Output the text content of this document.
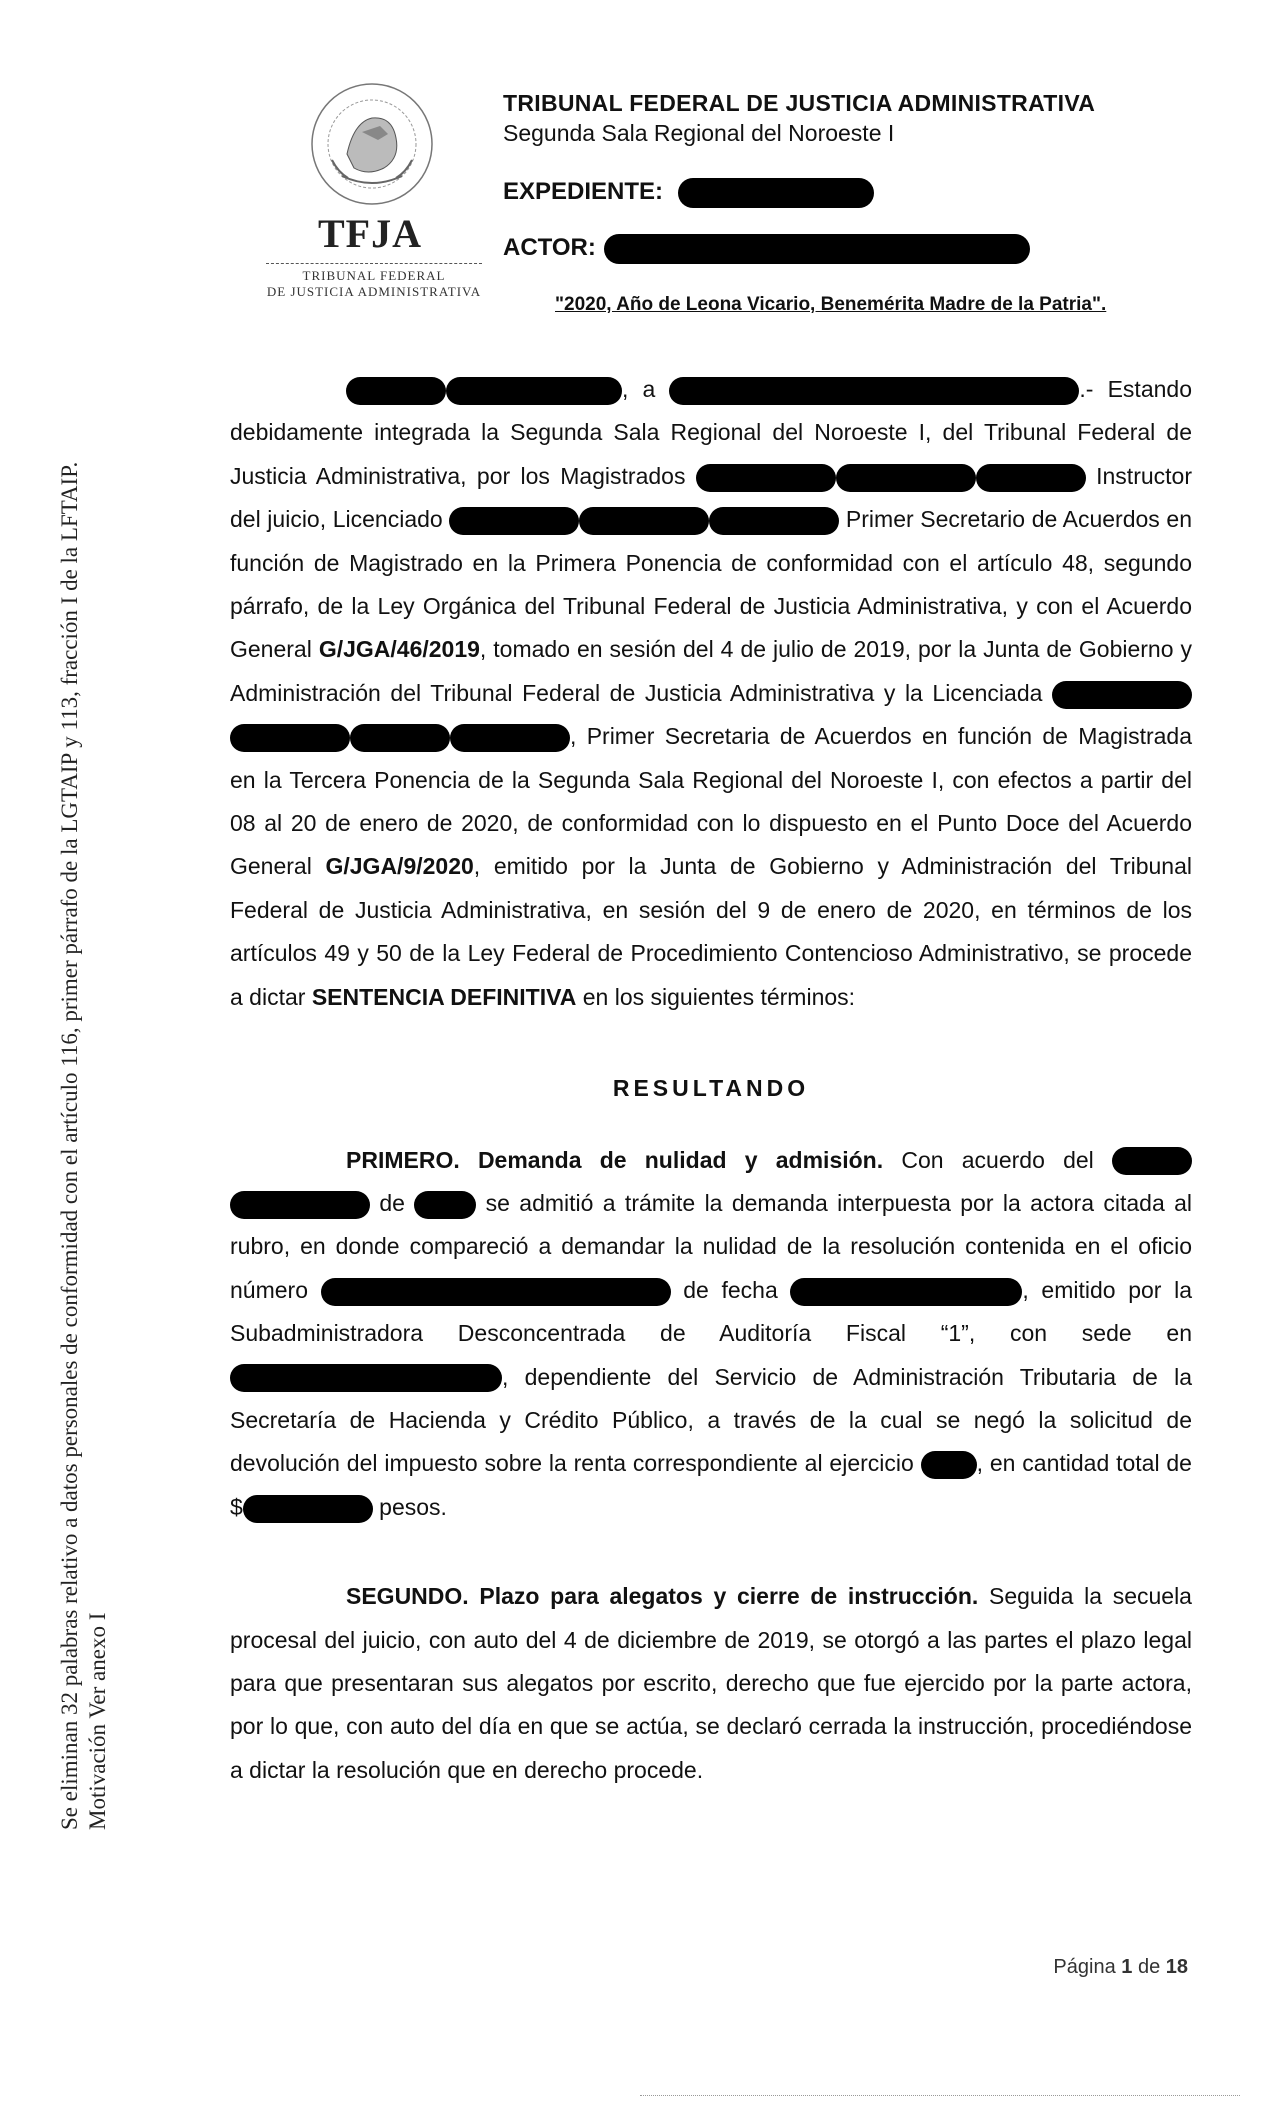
TFJA
TRIBUNAL FEDERAL
DE JUSTICIA ADMINISTRATIVA
TRIBUNAL FEDERAL DE JUSTICIA ADMINISTRATIVA
Segunda Sala Regional del Noroeste I
EXPEDIENTE:
ACTOR:
"2020, Año de Leona Vicario, Benemérita Madre de la Patria".
Se eliminan 32 palabras relativo a datos personales de conformidad con el artículo 116, primer párrafo de la LGTAIP y 113, fracción I de la LFTAIP. Motivación Ver anexo I

, a	.- Estando debidamente integrada la Segunda Sala Regional del Noroeste I, del Tribunal Federal de Justicia Administrativa, por los Magistrados	Instructor del juicio, Licenciado	Primer Secretario de Acuerdos en función de Magistrado en la Primera Ponencia de conformidad con el artículo 48, segundo párrafo, de la Ley Orgánica del Tribunal Federal de Justicia Administrativa, y con el Acuerdo General G/JGA/46/2019, tomado en sesión del 4 de julio de 2019, por la Junta de Gobierno y Administración del Tribunal Federal de Justicia Administrativa y la Licenciada , Primer Secretaria de Acuerdos en función de Magistrada en la Tercera Ponencia de la Segunda Sala Regional del Noroeste I, con efectos a partir del 08 al 20 de enero de 2020, de conformidad con lo dispuesto en el Punto Doce del Acuerdo General G/JGA/9/2020, emitido por la Junta de Gobierno y Administración del Tribunal Federal de Justicia Administrativa, en sesión del 9 de enero de 2020, en términos de los artículos 49 y 50 de la Ley Federal de Procedimiento Contencioso Administrativo, se procede a dictar SENTENCIA DEFINITIVA en los siguientes términos:

RESULTANDO

PRIMERO. Demanda de nulidad y admisión. Con acuerdo del   de	se admitió a trámite la demanda interpuesta por la actora citada al rubro, en donde compareció a demandar la nulidad de la resolución contenida en el oficio número	de fecha	, emitido por la Subadministradora Desconcentrada de Auditoría Fiscal “1”, con sede en , dependiente del Servicio de Administración Tributaria de la Secretaría de Hacienda y Crédito Público, a través de la cual se negó la solicitud de devolución del impuesto sobre la renta correspondiente al ejercicio , en cantidad total de $	pesos.

SEGUNDO. Plazo para alegatos y cierre de instrucción. Seguida la secuela procesal del juicio, con auto del 4 de diciembre de 2019, se otorgó a las partes el plazo legal para que presentaran sus alegatos por escrito, derecho que fue ejercido por la parte actora, por lo que, con auto del día en que se actúa, se declaró cerrada la instrucción, procediéndose a dictar la resolución que en derecho procede.

Página 1 de 18
